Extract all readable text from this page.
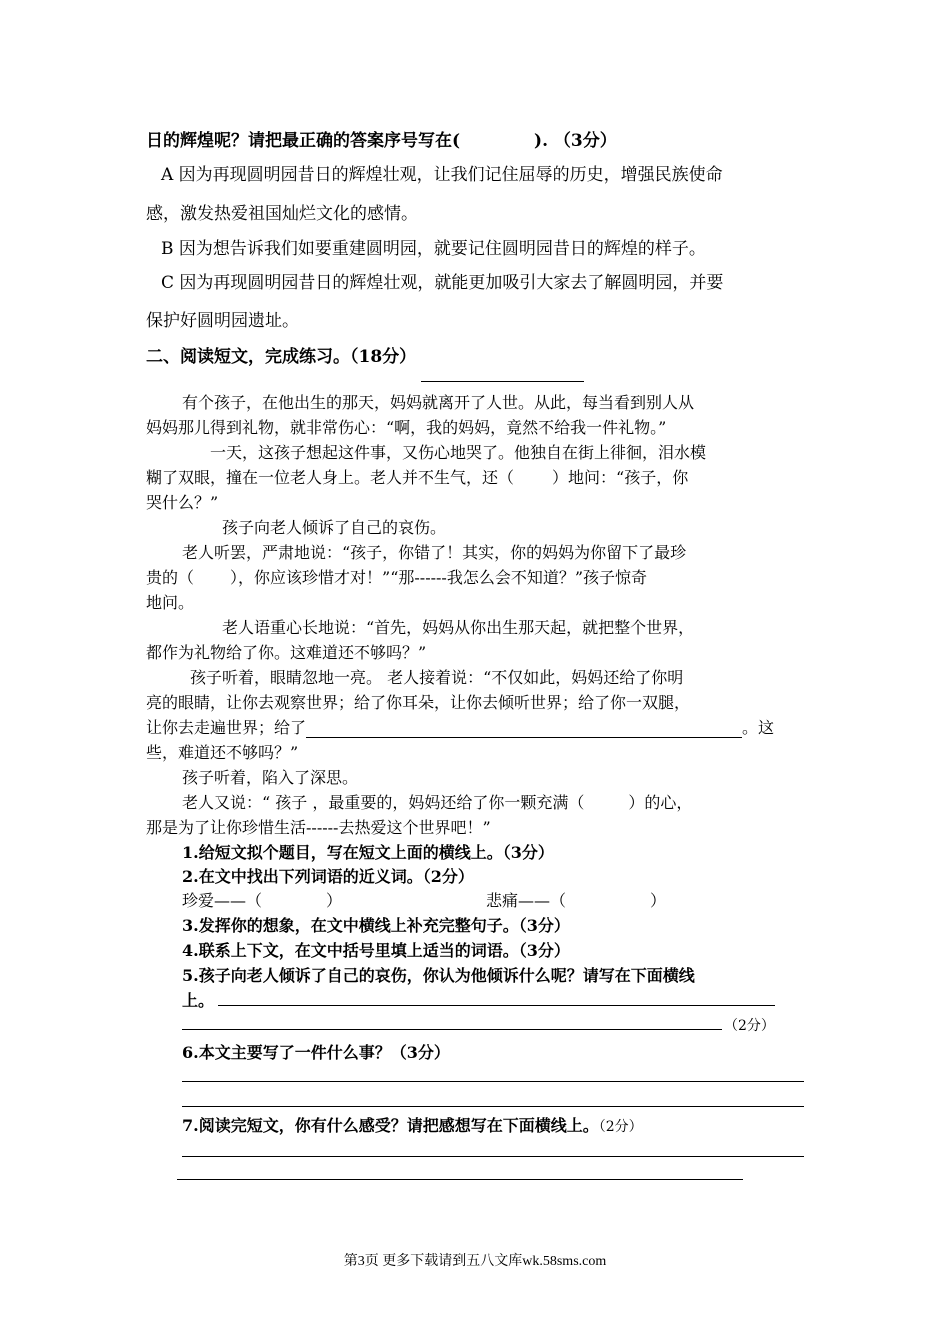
日的辉煌呢？请把最正确的答案序号写在(	). （3分）
A 因为再现圆明园昔日的辉煌壮观，让我们记住屈辱的历史，增强民族使命
感，激发热爱祖国灿烂文化的感情。
B 因为想告诉我们如要重建圆明园，就要记住圆明园昔日的辉煌的样子。
C 因为再现圆明园昔日的辉煌壮观，就能更加吸引大家去了解圆明园，并要
保护好圆明园遗址。
二、阅读短文，完成练习。（18分）
有个孩子，在他出生的那天，妈妈就离开了人世。从此，每当看到别人从
妈妈那儿得到礼物，就非常伤心：“啊，我的妈妈，竟然不给我一件礼物。”
一天，这孩子想起这件事，又伤心地哭了。他独自在街上徘徊，泪水模
糊了双眼，撞在一位老人身上。老人并不生气，还（ ）地问：“孩子，你
哭什么？”
孩子向老人倾诉了自己的哀伤。
老人听罢，严肃地说：“孩子，你错了！其实，你的妈妈为你留下了最珍
贵的（ ），你应该珍惜才对！”“那------我怎么会不知道？”孩子惊奇
地问。
老人语重心长地说：“首先，妈妈从你出生那天起，就把整个世界，
都作为礼物给了你。这难道还不够吗？”
孩子听着，眼睛忽地一亮。 老人接着说：“不仅如此，妈妈还给了你明
亮的眼睛，让你去观察世界；给了你耳朵，让你去倾听世界；给了你一双腿，
让你去走遍世界；给了	。这
些，难道还不够吗？”
孩子听着，陷入了深思。
老人又说：“ 孩子 ，最重要的，妈妈还给了你一颗充满（	）的心，
那是为了让你珍惜生活------去热爱这个世界吧！”
1.给短文拟个题目，写在短文上面的横线上。（3分）
2.在文中找出下列词语的近义词。（2分）
珍爱——（	）	悲痛——（	）
3.发挥你的想象，在文中横线上补充完整句子。（3分）
4.联系上下文，在文中括号里填上适当的词语。（3分）
5.孩子向老人倾诉了自己的哀伤，你认为他倾诉什么呢？请写在下面横线
上。
（2分）
6.本文主要写了一件什么事？（3分）
7.阅读完短文，你有什么感受？请把感想写在下面横线上。（2分）
第3页 更多下载请到五八文库wk.58sms.com
